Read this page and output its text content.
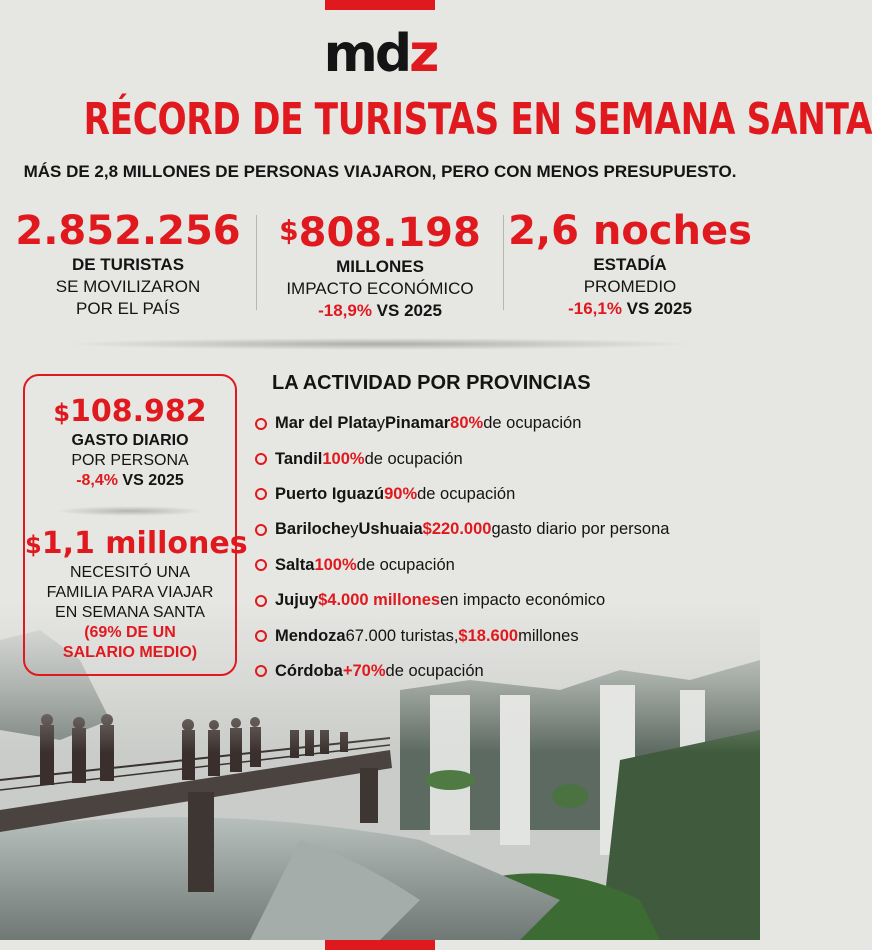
mdz
RÉCORD DE TURISTAS EN SEMANA SANTA
MÁS DE 2,8 MILLONES DE PERSONAS VIAJARON, PERO CON MENOS PRESUPUESTO.
2.852.256
DE TURISTAS
SE MOVILIZARON
POR EL PAÍS
$808.198
MILLONES
IMPACTO ECONÓMICO
-18,9% VS 2025
2,6 noches
ESTADÍA
PROMEDIO
-16,1% VS 2025
$108.982
GASTO DIARIO
POR PERSONA
-8,4% VS 2025
$1,1 millones
NECESITÓ UNA
FAMILIA PARA VIAJAR
EN SEMANA SANTA
(69% DE UN
SALARIO MEDIO)
LA ACTIVIDAD POR PROVINCIAS
Mar del Plata y Pinamar 80% de ocupación
Tandil 100% de ocupación
Puerto Iguazú 90% de ocupación
Bariloche y Ushuaia $220.000 gasto diario por persona
Salta 100% de ocupación
Jujuy $4.000 millones en impacto económico
Mendoza 67.000 turistas, $18.600 millones
Córdoba +70% de ocupación
